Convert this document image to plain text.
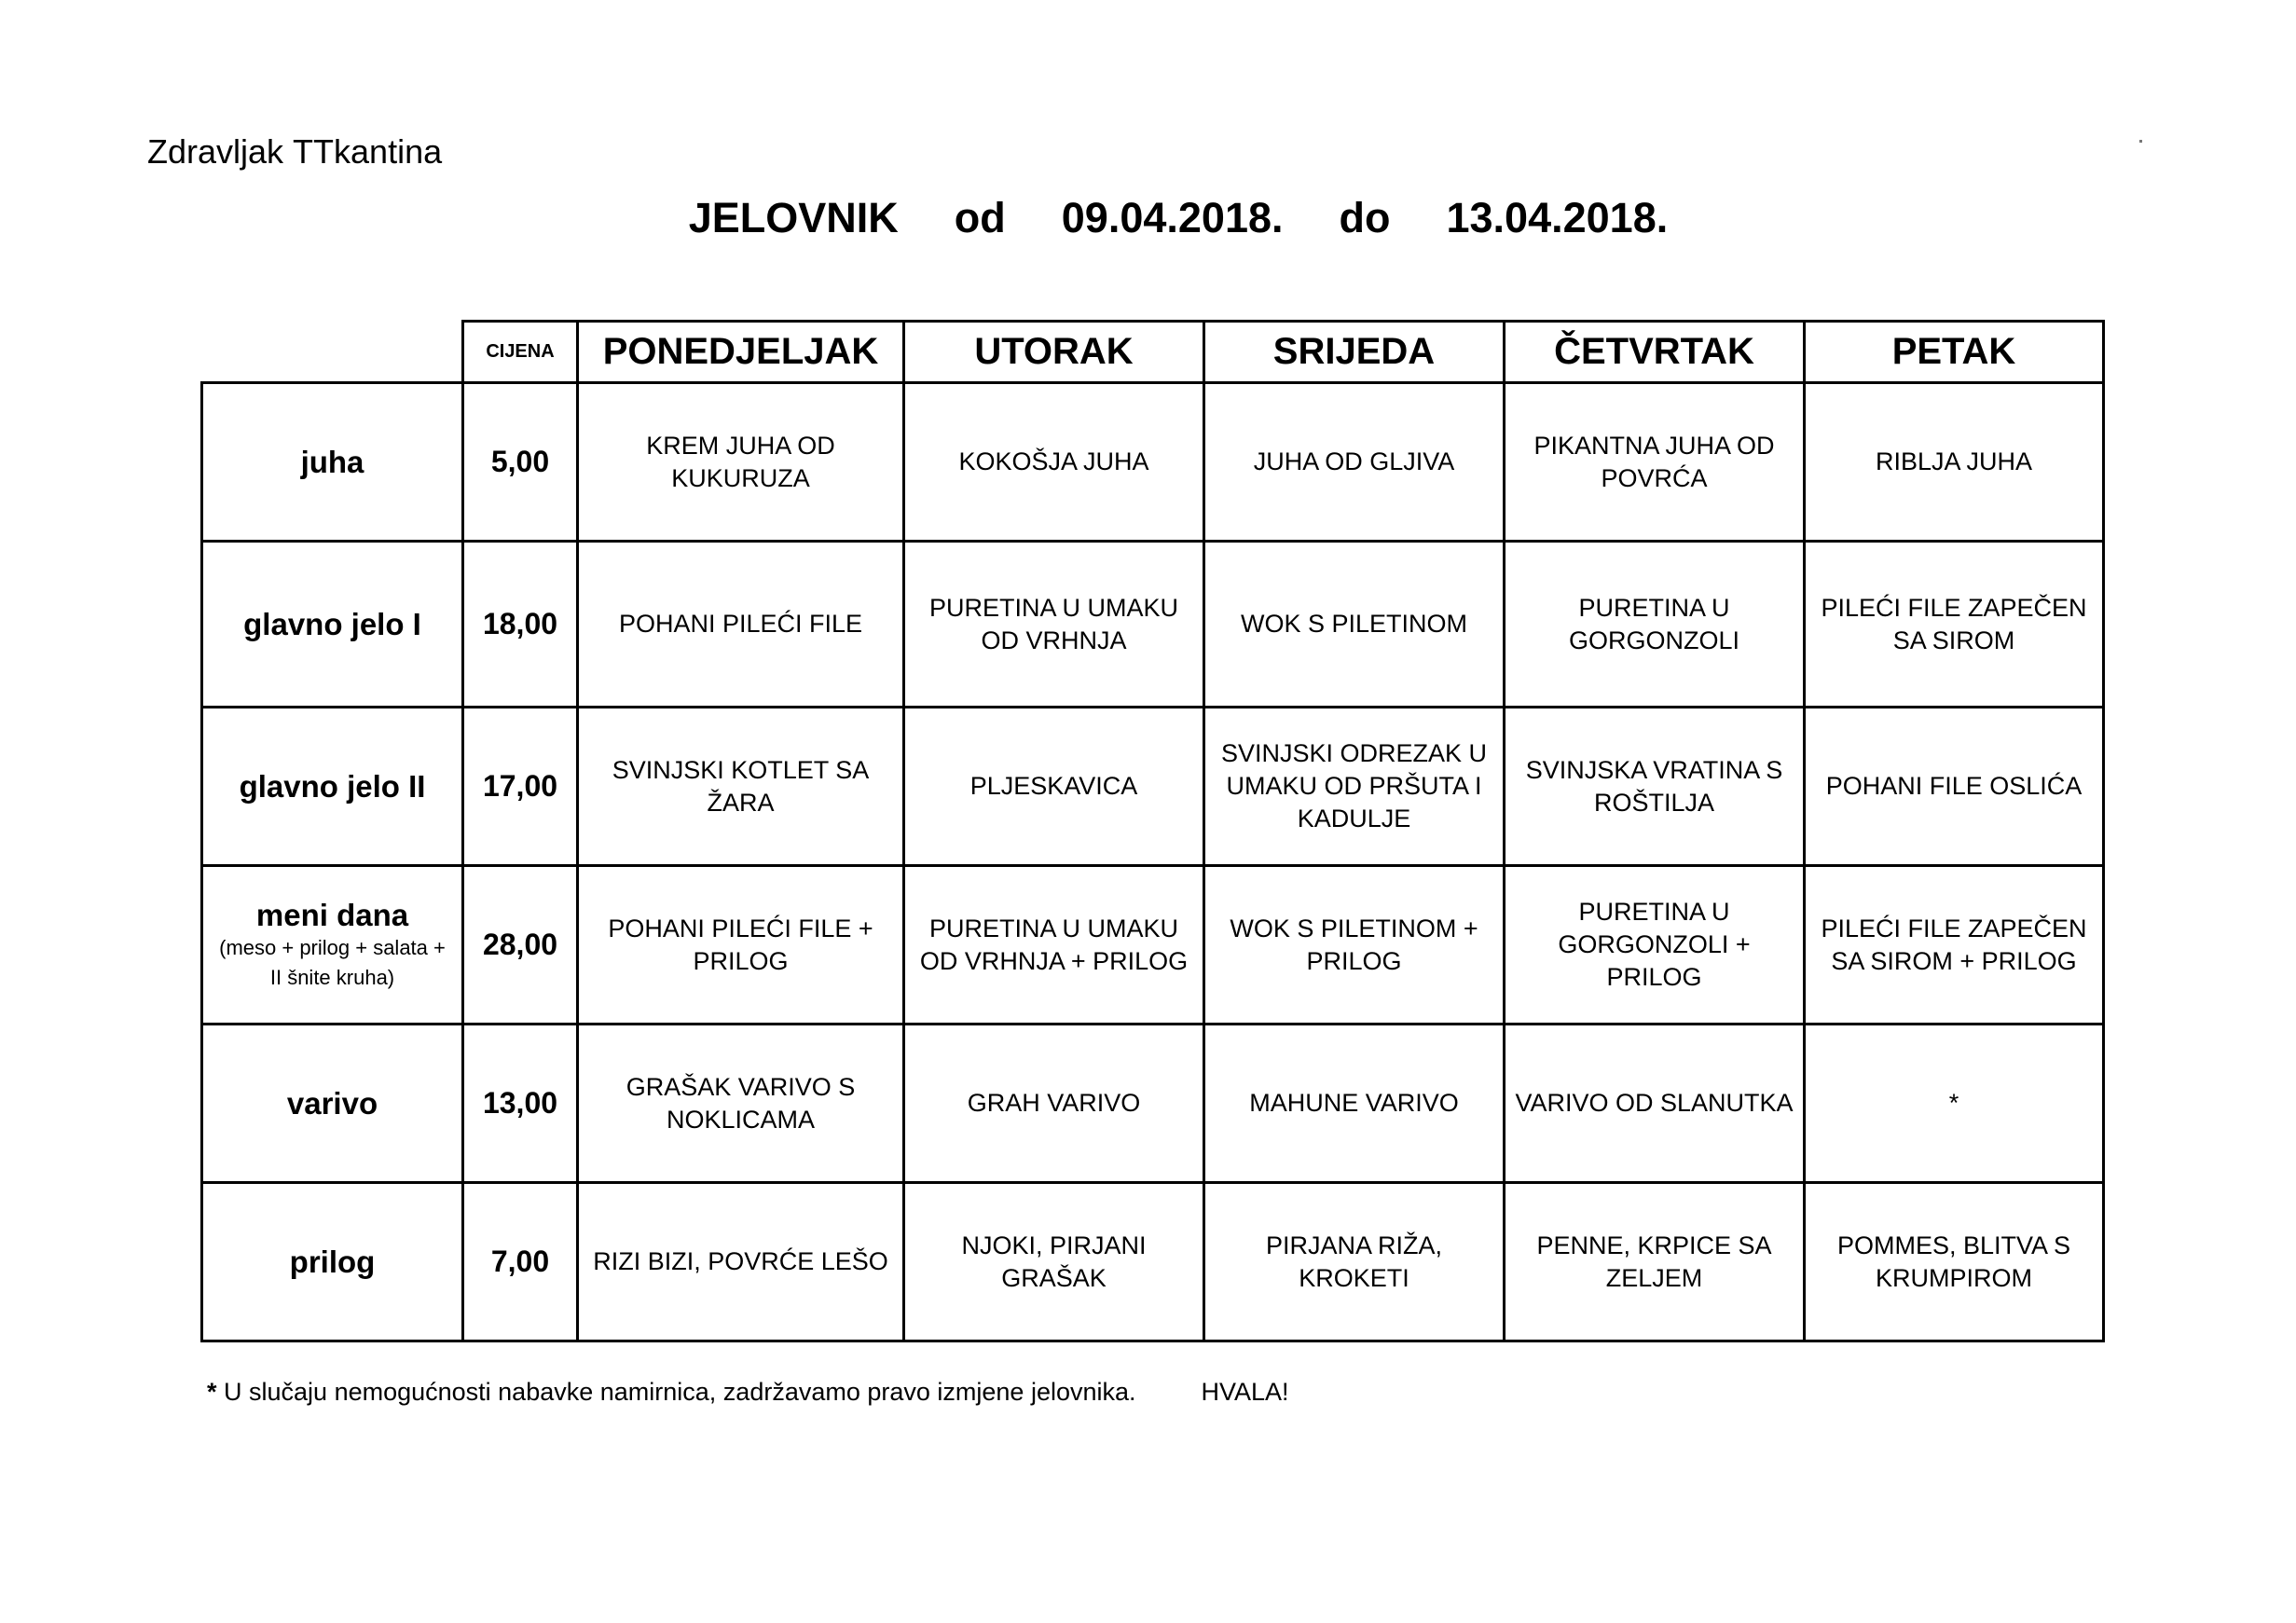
Zdravljak ΤΤkantina
JELOVNIK od 09.04.2018. do 13.04.2018.
	CIJENA	PONEDJELJAK	UTORAK	SRIJEDA	ČETVRTAK	PETAK
juha	5,00	KREM JUHA OD KUKURUZA	KOKOŠJA JUHA	JUHA OD GLJIVA	PIKANTNA JUHA OD POVRĆA	RIBLJA JUHA
glavno jelo I	18,00	POHANI PILEĆI FILE	PURETINA U UMAKU OD VRHNJA	WOK S PILETINOM	PURETINA U GORGONZOLI	PILEĆI FILE ZAPEČEN SA SIROM
glavno jelo II	17,00	SVINJSKI KOTLET SA ŽARA	PLJESKAVICA	SVINJSKI ODREZAK U UMAKU OD PRŠUTA I KADULJE	SVINJSKA VRATINA S ROŠTILJA	POHANI FILE OSLIĆA
meni dana
(meso + prilog + salata + II šnite kruha)	28,00	POHANI PILEĆI FILE + PRILOG	PURETINA U UMAKU OD VRHNJA + PRILOG	WOK S PILETINOM + PRILOG	PURETINA U GORGONZOLI + PRILOG	PILEĆI FILE ZAPEČEN SA SIROM + PRILOG
varivo	13,00	GRAŠAK VARIVO S NOKLICAMA	GRAH VARIVO	MAHUNE VARIVO	VARIVO OD SLANUTKA	*
prilog	7,00	RIZI BIZI, POVRĆE LEŠO	NJOKI, PIRJANI GRAŠAK	PIRJANA RIŽA, KROKETI	PENNE, KRPICE SA ZELJEM	POMMES, BLITVA S KRUMPIROM
* U slučaju nemogućnosti nabavke namirnica, zadržavamo pravo izmjene jelovnika.	HVALA!
